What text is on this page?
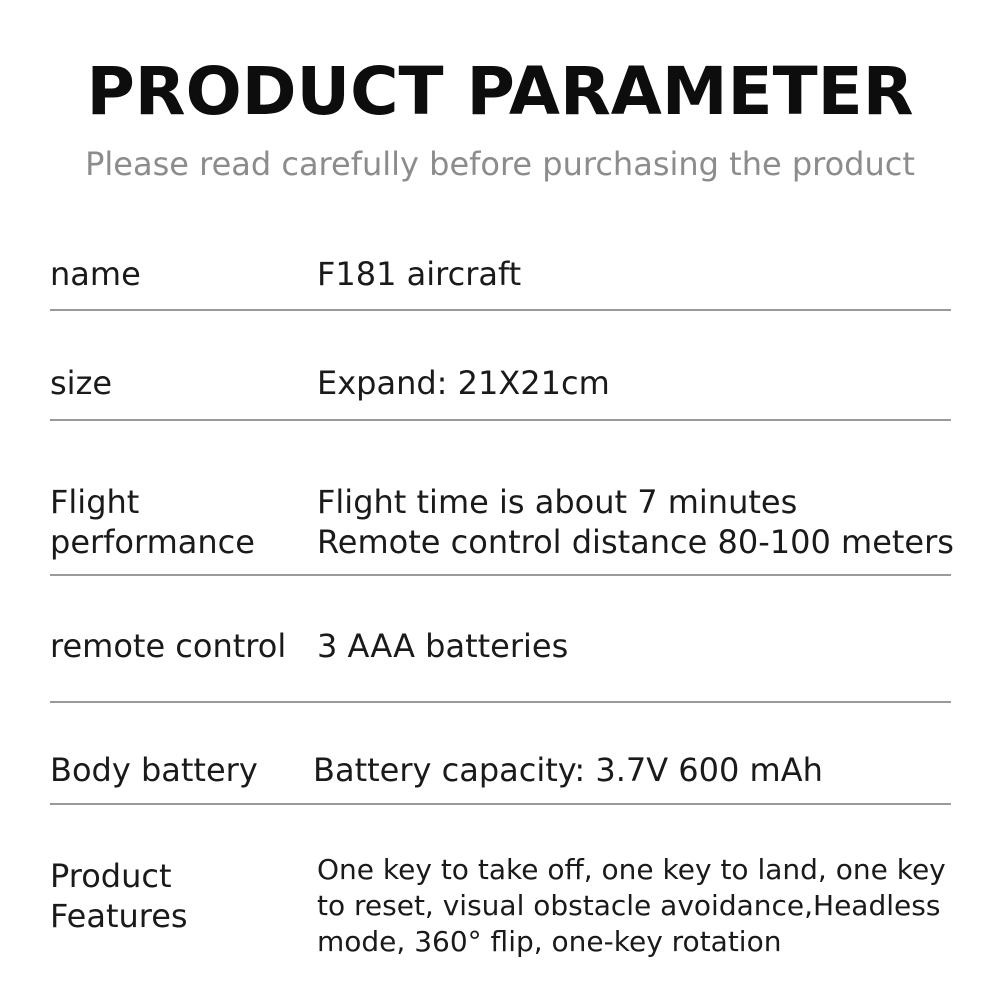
PRODUCT PARAMETER
Please read carefully before purchasing the product
name	F181 aircraft
size	Expand: 21X21cm
Flight
performance
Flight time is about 7 minutes
Remote control distance 80-100 meters
remote control 3 AAA batteries
Body battery Battery capacity: 3.7V 600 mAh
Product
Features
One key to take off, one key to land, one key
to reset, visual obstacle avoidance,Headless
mode, 360° flip, one-key rotation
